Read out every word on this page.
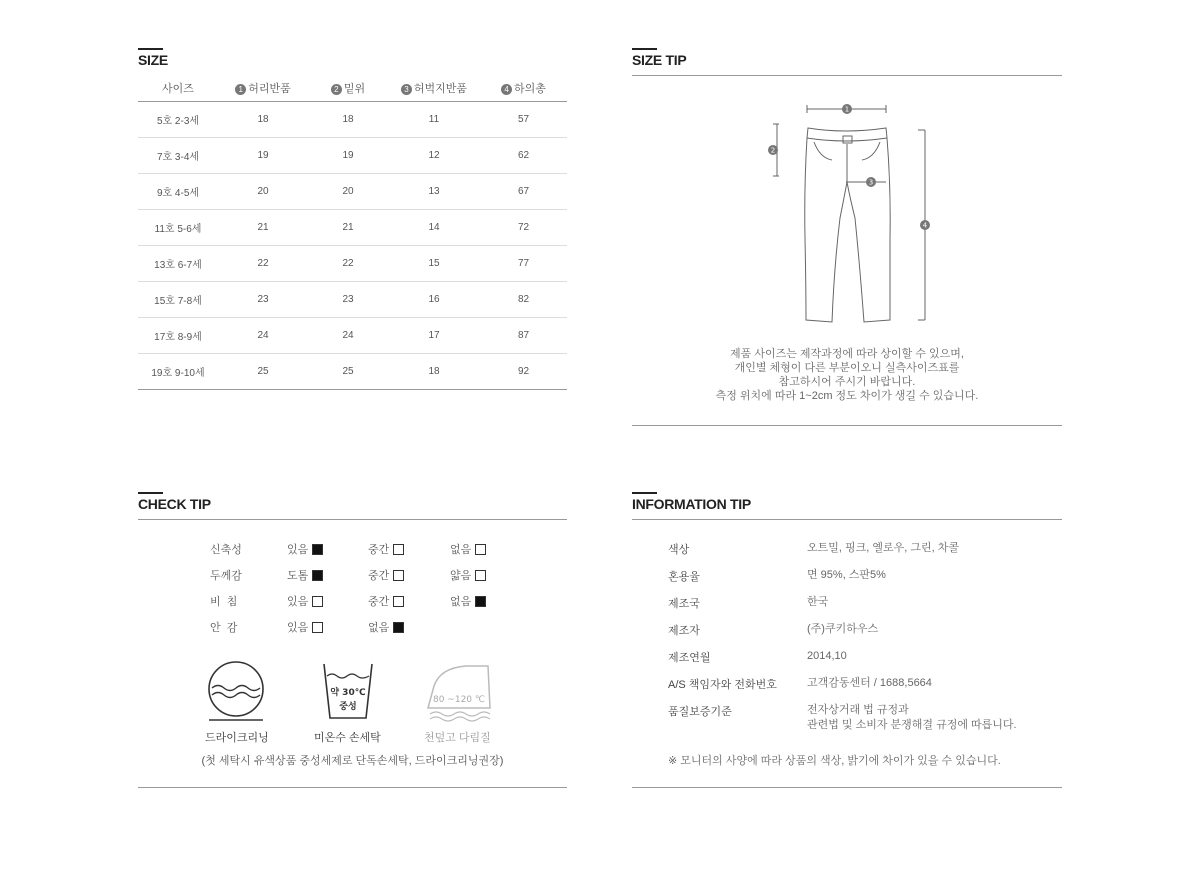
SIZE
사이즈	1 허리반품	2 밑위	3 허벅지반품	4 하의총
5호 2-3세	18	18	11	57
7호 3-4세	19	19	12	62
9호 4-5세	20	20	13	67
11호 5-6세	21	21	14	72
13호 6-7세	22	22	15	77
15호 7-8세	23	23	16	82
17호 8-9세	24	24	17	87
19호 9-10세	25	25	18	92
SIZE TIP
1
2
3
4
제품 사이즈는 제작과정에 따라 상이할 수 있으며,
개인별 체형이 다른 부분이오니 실측사이즈표를
참고하시어 주시기 바랍니다.
측정 위치에 따라 1~2cm 정도 차이가 생길 수 있습니다.
CHECK TIP
신축성	있음	중간	없음
두께감	도톰	중간	얇음
비  침	있음	중간	없음
안  감	있음	없음
드라이크리닝
약 30℃
중성
미온수 손세탁
80 ~120 ℃
천덮고 다림질
(첫 세탁시 유색상품 중성세제로 단독손세탁, 드라이크리닝권장)
INFORMATION TIP
색상	오트밀, 핑크, 옐로우, 그린, 차콜
혼용율	면 95%, 스판5%
제조국	한국
제조자	(주)쿠키하우스
제조연월	2014,10
A/S 책임자와 전화번호	고객감동센터 / 1688,5664
품질보증기준	전자상거래 법 규정과
관련법 및 소비자 분쟁해결 규정에 따릅니다.
※ 모니터의 사양에 따라 상품의 색상, 밝기에 차이가 있을 수 있습니다.
